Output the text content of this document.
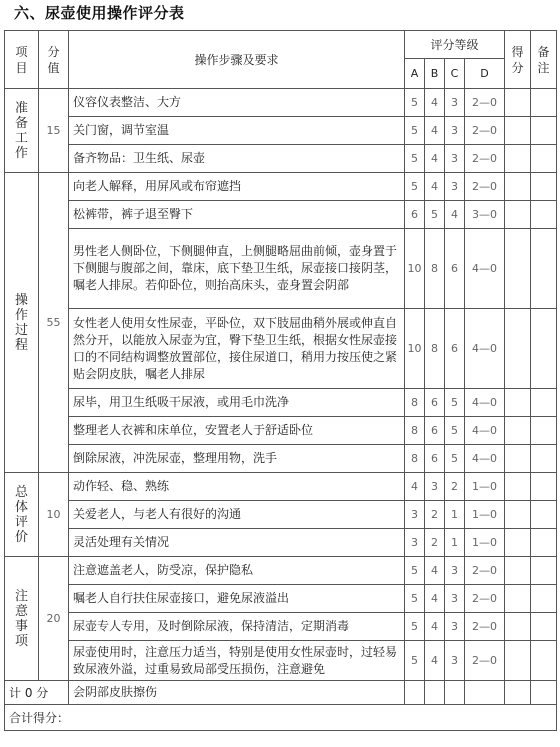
六、尿壶使用操作评分表
项目	分值	操作步骤及要求	评分等级				得分	备注
			A	B	C	D		
准备工作	15	仪容仪表整洁、大方	5	4	3	2—0		
		关门窗，调节室温	5	4	3	2—0		
		备齐物品：卫生纸、尿壶	5	4	3	2—0		
操作过程	55	向老人解释，用屏风或布帘遮挡	5	4	3	2—0		
		松裤带，裤子退至臀下	6	5	4	3—0		
		男性老人侧卧位，下侧腿伸直，上侧腿略屈曲前倾，壶身置于下侧腿与腹部之间，靠床，底下垫卫生纸，尿壶接口接阴茎，嘱老人排尿。若仰卧位，则抬高床头，壶身置会阴部	10	8	6	4—0		
		女性老人使用女性尿壶，平卧位，双下肢屈曲稍外展或伸直自然分开，以能放入尿壶为宜，臀下垫卫生纸，根据女性尿壶接口的不同结构调整放置部位，接住尿道口，稍用力按压使之紧贴会阴皮肤，嘱老人排尿	10	8	6	4—0		
		尿毕，用卫生纸吸干尿液，或用毛巾洗净	8	6	5	4—0		
		整理老人衣裤和床单位，安置老人于舒适卧位	8	6	5	4—0		
		倒除尿液，冲洗尿壶，整理用物，洗手	8	6	5	4—0		
总体评价	10	动作轻、稳、熟练	4	3	2	1—0		
		关爱老人，与老人有很好的沟通	3	2	1	1—0		
		灵活处理有关情况	3	2	1	1—0		
注意事项	20	注意遮盖老人，防受凉，保护隐私	5	4	3	2—0		
		嘱老人自行扶住尿壶接口，避免尿液溢出	5	4	3	2—0		
		尿壶专人专用，及时倒除尿液，保持清洁，定期消毒	5	4	3	2—0		
		尿壶使用时，注意压力适当，特别是使用女性尿壶时，过轻易致尿液外溢，过重易致局部受压损伤，注意避免	5	4	3	2—0		
计 0 分		会阴部皮肤擦伤						
合计得分：								
